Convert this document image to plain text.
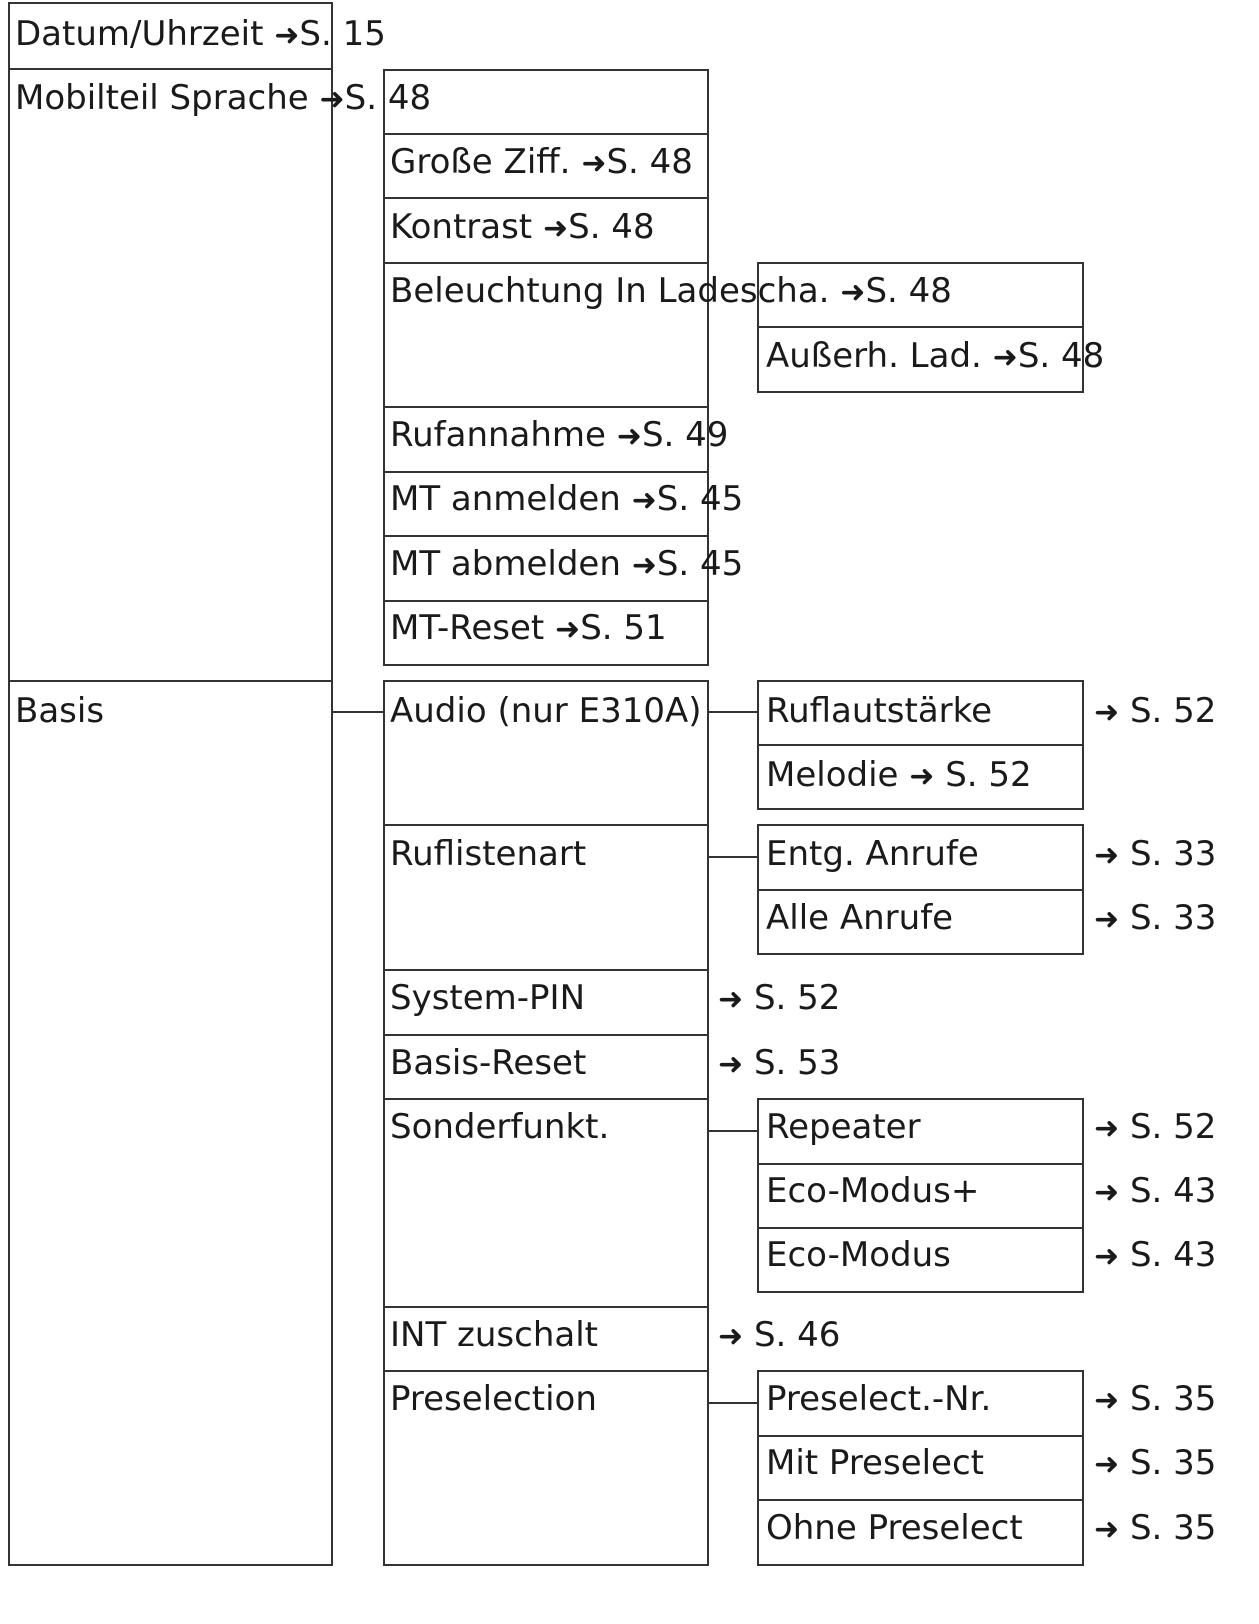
Datum/Uhrzeit ➜S. 15
Mobilteil Sprache ➜S. 48
Basis
Große Ziff. ➜S. 48
Kontrast ➜S. 48
Beleuchtung In Ladescha. ➜S. 48
Außerh. Lad. ➜S. 48
Rufannahme ➜S. 49
MT anmelden ➜S. 45
MT abmelden ➜S. 45
MT-Reset ➜S. 51
Audio (nur E310A)
Ruflistenart
System-PIN	➜ S. 52
Basis-Reset	➜ S. 53
Sonderfunkt.
INT zuschalt	➜ S. 46
Preselection
Ruflautstärke	➜ S. 52
Melodie ➜ S. 52
Entg. Anrufe	➜ S. 33
Alle Anrufe	➜ S. 33
Repeater	➜ S. 52
Eco-Modus+	➜ S. 43
Eco-Modus	➜ S. 43
Preselect.-Nr.	➜ S. 35
Mit Preselect	➜ S. 35
Ohne Preselect ➜ S. 35
